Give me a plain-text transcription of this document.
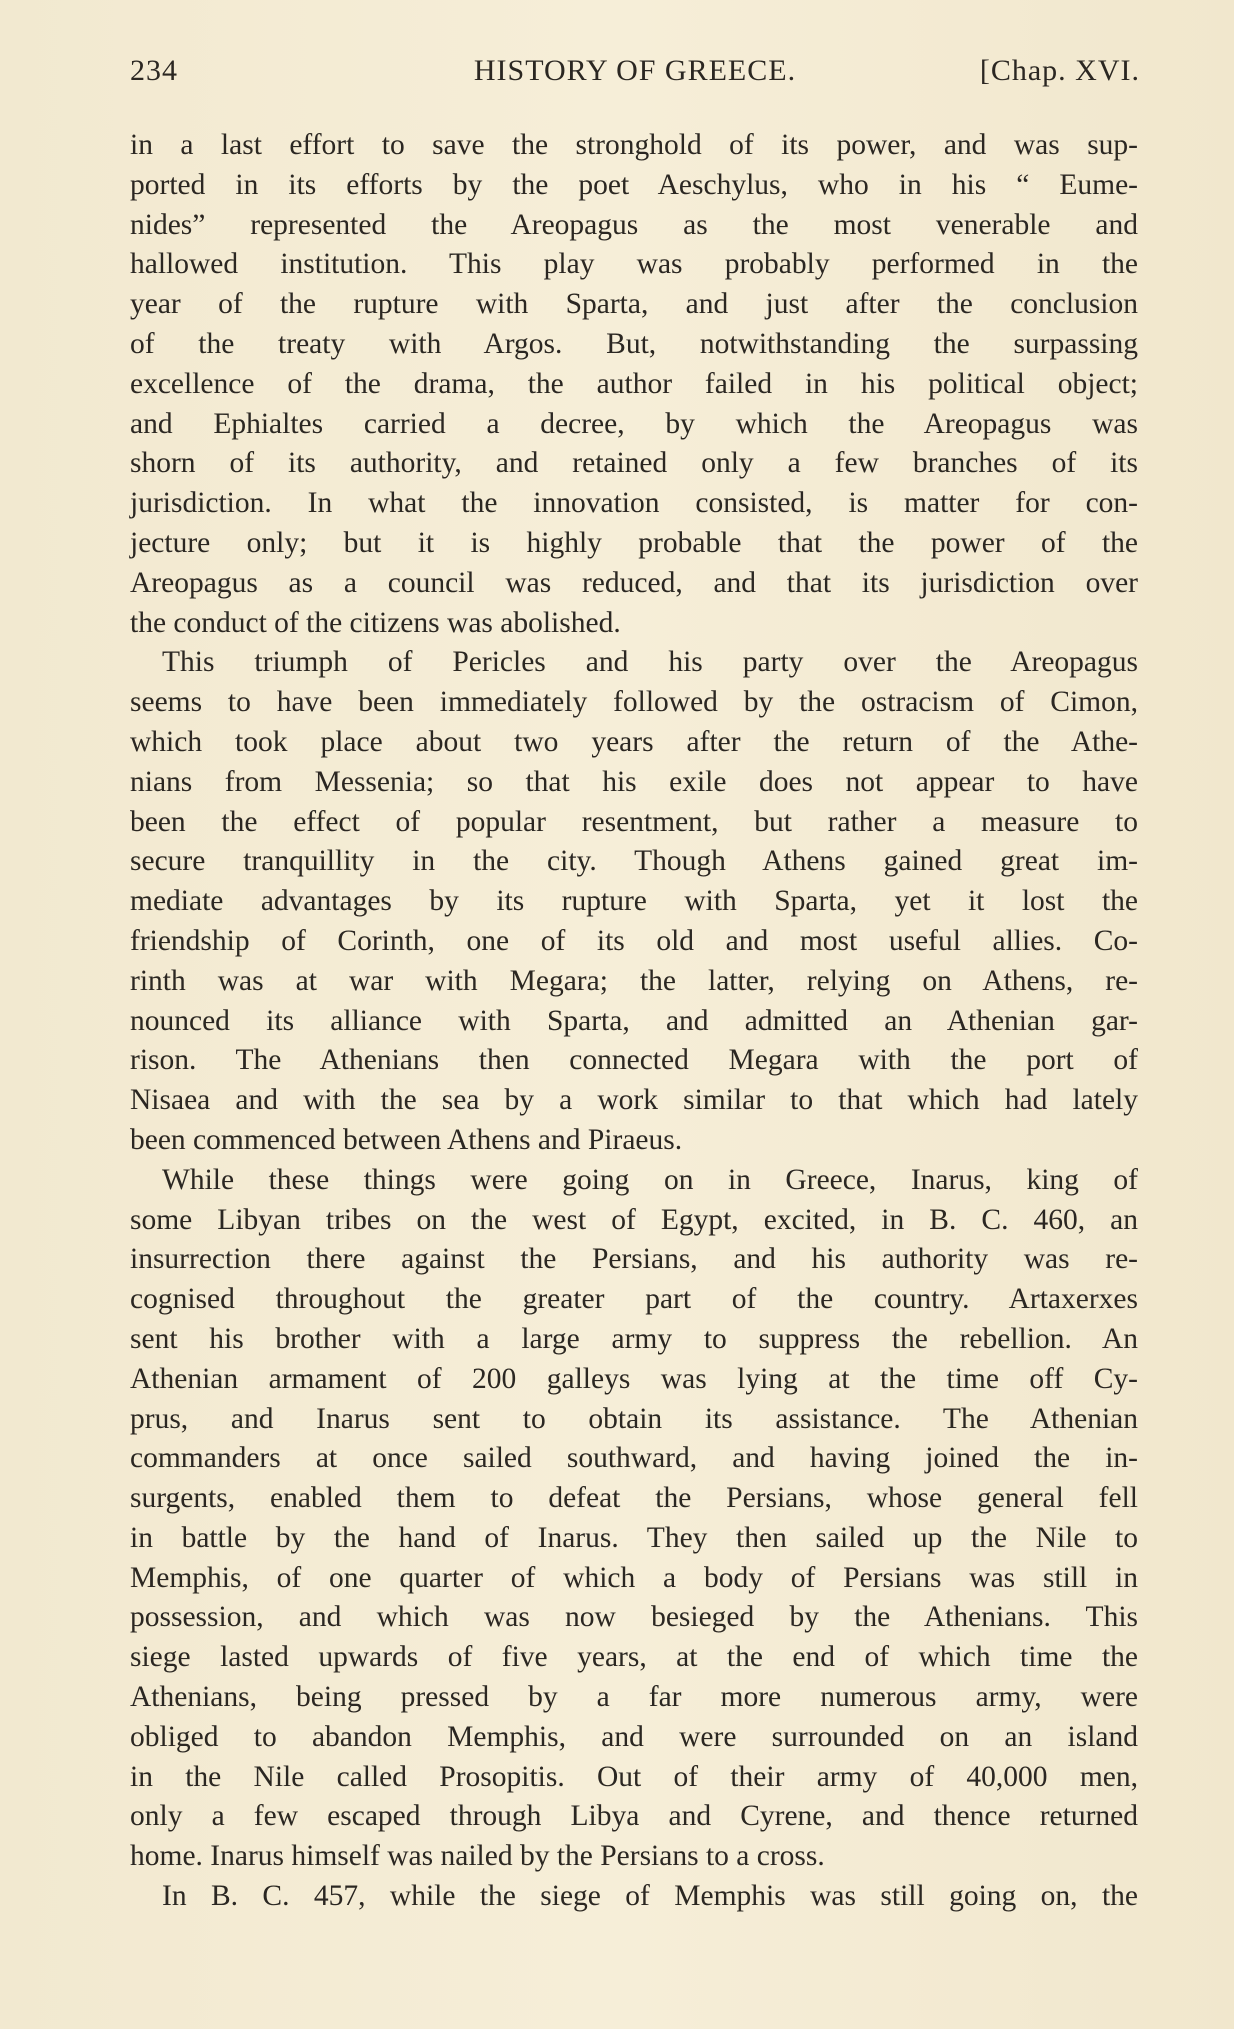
HISTORY OF GREECE.
234	[Chap. XVI.
in a last effort to save the stronghold of its power, and was sup-
ported in its efforts by the poet Aeschylus, who in his “ Eume-
nides” represented the Areopagus as the most venerable and
hallowed institution. This play was probably performed in the
year of the rupture with Sparta, and just after the conclusion
of the treaty with Argos. But, notwithstanding the surpassing
excellence of the drama, the author failed in his political object;
and Ephialtes carried a decree, by which the Areopagus was
shorn of its authority, and retained only a few branches of its
jurisdiction. In what the innovation consisted, is matter for con-
jecture only; but it is highly probable that the power of the
Areopagus as a council was reduced, and that its jurisdiction over
the conduct of the citizens was abolished.
This triumph of Pericles and his party over the Areopagus
seems to have been immediately followed by the ostracism of Cimon,
which took place about two years after the return of the Athe-
nians from Messenia; so that his exile does not appear to have
been the effect of popular resentment, but rather a measure to
secure tranquillity in the city. Though Athens gained great im-
mediate advantages by its rupture with Sparta, yet it lost the
friendship of Corinth, one of its old and most useful allies. Co-
rinth was at war with Megara; the latter, relying on Athens, re-
nounced its alliance with Sparta, and admitted an Athenian gar-
rison. The Athenians then connected Megara with the port of
Nisaea and with the sea by a work similar to that which had lately
been commenced between Athens and Piraeus.
While these things were going on in Greece, Inarus, king of
some Libyan tribes on the west of Egypt, excited, in B. C. 460, an
insurrection there against the Persians, and his authority was re-
cognised throughout the greater part of the country. Artaxerxes
sent his brother with a large army to suppress the rebellion. An
Athenian armament of 200 galleys was lying at the time off Cy-
prus, and Inarus sent to obtain its assistance. The Athenian
commanders at once sailed southward, and having joined the in-
surgents, enabled them to defeat the Persians, whose general fell
in battle by the hand of Inarus. They then sailed up the Nile to
Memphis, of one quarter of which a body of Persians was still in
possession, and which was now besieged by the Athenians. This
siege lasted upwards of five years, at the end of which time the
Athenians, being pressed by a far more numerous army, were
obliged to abandon Memphis, and were surrounded on an island
in the Nile called Prosopitis. Out of their army of 40,000 men,
only a few escaped through Libya and Cyrene, and thence returned
home. Inarus himself was nailed by the Persians to a cross.
In B. C. 457, while the siege of Memphis was still going on, the
